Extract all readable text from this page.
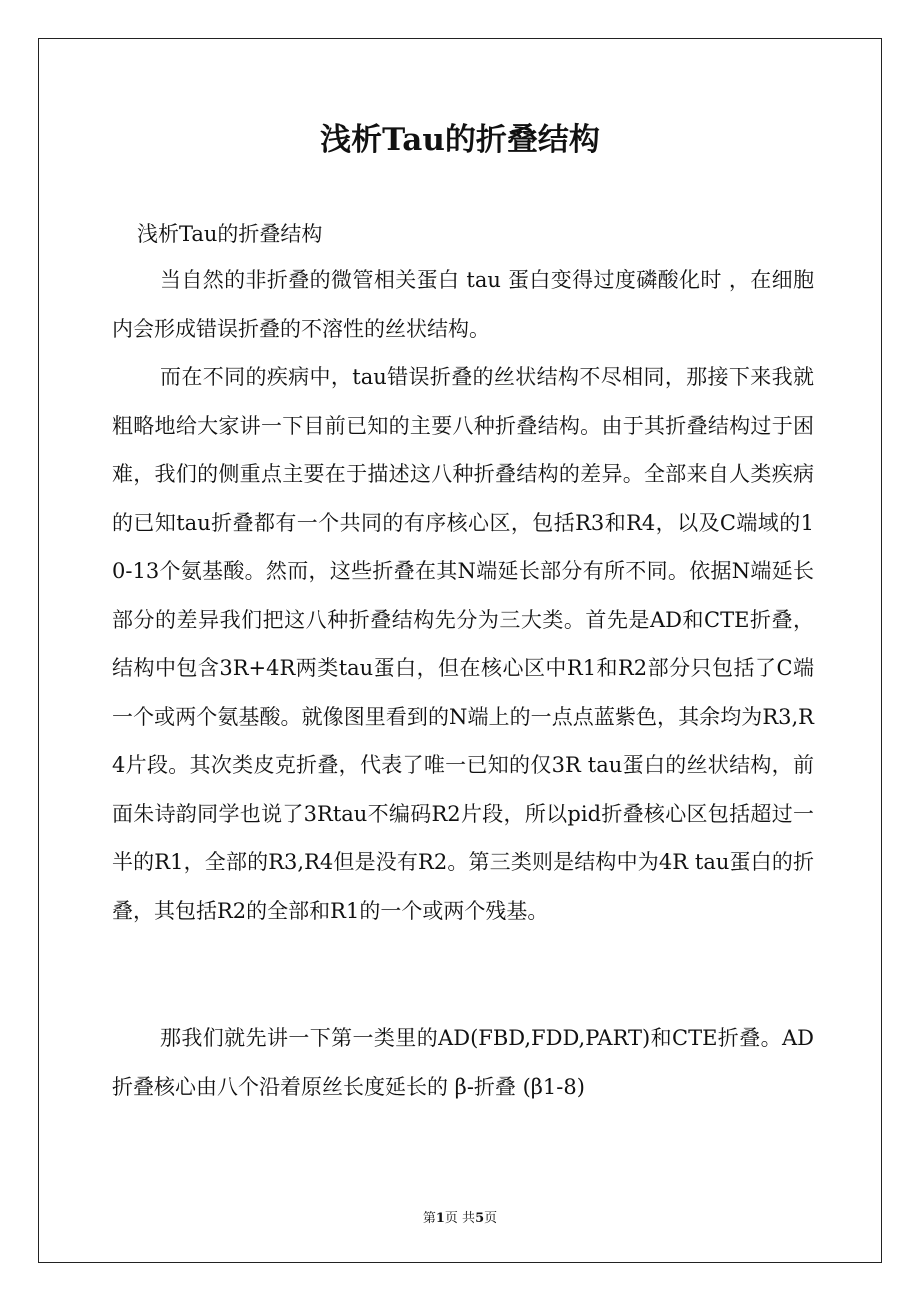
浅析Tau的折叠结构
浅析Tau的折叠结构

当自然的非折叠的微管相关蛋白 tau 蛋白变得过度磷酸化时 ，在细胞内会形成错误折叠的不溶性的丝状结构。

而在不同的疾病中，tau错误折叠的丝状结构不尽相同，那接下来我就粗略地给大家讲一下目前已知的主要八种折叠结构。由于其折叠结构过于困难，我们的侧重点主要在于描述这八种折叠结构的差异。全部来自人类疾病的已知tau折叠都有一个共同的有序核心区，包括R3和R4，以及C端域的10-13个氨基酸。然而，这些折叠在其N端延长部分有所不同。依据N端延长部分的差异我们把这八种折叠结构先分为三大类。首先是AD和CTE折叠，结构中包含3R+4R两类tau蛋白，但在核心区中R1和R2部分只包括了C端一个或两个氨基酸。就像图里看到的N端上的一点点蓝紫色，其余均为R3,R4片段。其次类皮克折叠，代表了唯一已知的仅3R tau蛋白的丝状结构，前面朱诗韵同学也说了3Rtau不编码R2片段，所以pid折叠核心区包括超过一半的R1，全部的R3,R4但是没有R2。第三类则是结构中为4R tau蛋白的折叠，其包括R2的全部和R1的一个或两个残基。

那我们就先讲一下第一类里的AD(FBD,FDD,PART)和CTE折叠。AD折叠核心由八个沿着原丝长度延长的 β-折叠 (β1-8)

第1页 共5页
